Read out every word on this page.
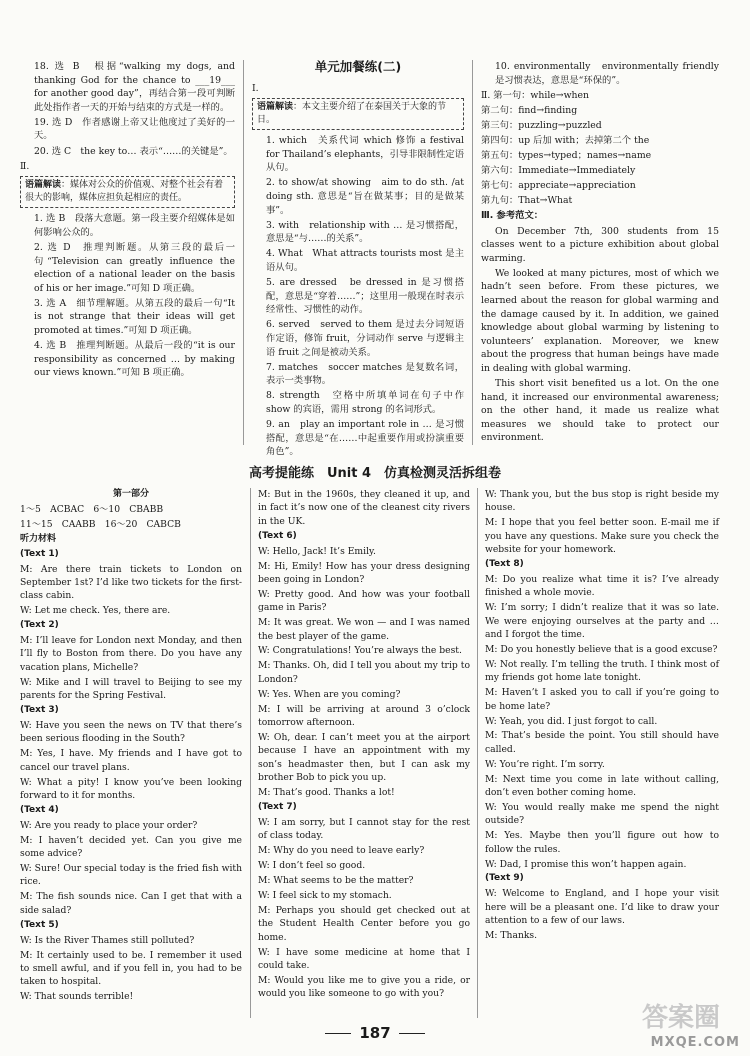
18. 选 B　根据“walking my dogs, and thanking God for the chance to ___19___ for another good day”，再结合第一段可判断此处指作者一天的开始与结束的方式是一样的。

19. 选 D　作者感谢上帝又让他度过了美好的一天。

20. 选 C　the key to… 表示“……的关键是”。

Ⅱ.

语篇解读：媒体对公众的价值观、对整个社会有着很大的影响，媒体应担负起相应的责任。

1. 选 B　段落大意题。第一段主要介绍媒体是如何影响公众的。

2. 选 D　推理判断题。从第三段的最后一句“Television can greatly influence the election of a national leader on the basis of his or her image.”可知 D 项正确。

3. 选 A　细节理解题。从第五段的最后一句“It is not strange that their ideas will get promoted at times.”可知 D 项正确。

4. 选 B　推理判断题。从最后一段的“it is our responsibility as concerned … by making our views known.”可知 B 项正确。

单元加餐练(二)

Ⅰ.

语篇解读：本文主要介绍了在泰国关于大象的节日。

1. which　关系代词 which 修饰 a festival for Thailand’s elephants，引导非限制性定语从句。

2. to show/at showing　aim to do sth. /at doing sth. 意思是“旨在做某事；目的是做某事”。

3. with　relationship with … 是习惯搭配，意思是“与……的关系”。

4. What　What attracts tourists most 是主语从句。

5. are dressed　be dressed in 是习惯搭配，意思是“穿着……”；这里用一般现在时表示经常性、习惯性的动作。

6. served　served to them 是过去分词短语作定语，修饰 fruit，分词动作 serve 与逻辑主语 fruit 之间是被动关系。

7. matches　soccer matches 是复数名词，表示一类事物。

8. strength　空格中所填单词在句子中作 show 的宾语，需用 strong 的名词形式。

9. an　play an important role in … 是习惯搭配，意思是“在……中起重要作用或扮演重要角色”。

10. environmentally　environmentally friendly 是习惯表达，意思是“环保的”。

Ⅱ. 第一句：while→when

第二句：find→finding

第三句：puzzling→puzzled

第四句：up 后加 with；去掉第二个 the

第五句：types→typed；names→name

第六句：Immediate→Immediately

第七句：appreciate→appreciation

第九句：That→What

Ⅲ. 参考范文：

On December 7th, 300 students from 15 classes went to a picture exhibition about global warming.

We looked at many pictures, most of which we hadn’t seen before. From these pictures, we learned about the reason for global warming and the damage caused by it. In addition, we gained knowledge about global warming by listening to volunteers’ explanation. Moreover, we knew about the progress that human beings have made in dealing with global warming.

This short visit benefited us a lot. On the one hand, it increased our environmental awareness; on the other hand, it made us realize what measures we should take to protect our environment.

高考提能练　Unit 4　仿真检测灵活拆组卷

第一部分

1～5　ACBAC　6～10　CBABB

11～15　CAABB　16～20　CABCB

听力材料

(Text 1)

M: Are there train tickets to London on September 1st? I’d like two tickets for the first-class cabin.

W: Let me check. Yes, there are.

(Text 2)

M: I’ll leave for London next Monday, and then I’ll fly to Boston from there. Do you have any vacation plans, Michelle?

W: Mike and I will travel to Beijing to see my parents for the Spring Festival.

(Text 3)

W: Have you seen the news on TV that there’s been serious flooding in the South?

M: Yes, I have. My friends and I have got to cancel our travel plans.

W: What a pity! I know you’ve been looking forward to it for months.

(Text 4)

W: Are you ready to place your order?

M: I haven’t decided yet. Can you give me some advice?

W: Sure! Our special today is the fried fish with rice.

M: The fish sounds nice. Can I get that with a side salad?

(Text 5)

W: Is the River Thames still polluted?

M: It certainly used to be. I remember it used to smell awful, and if you fell in, you had to be taken to hospital.

W: That sounds terrible!

M: But in the 1960s, they cleaned it up, and in fact it’s now one of the cleanest city rivers in the UK.

(Text 6)

W: Hello, Jack! It’s Emily.

M: Hi, Emily! How has your dress designing been going in London?

W: Pretty good. And how was your football game in Paris?

M: It was great. We won — and I was named the best player of the game.

W: Congratulations! You’re always the best.

M: Thanks. Oh, did I tell you about my trip to London?

W: Yes. When are you coming?

M: I will be arriving at around 3 o’clock tomorrow afternoon.

W: Oh, dear. I can’t meet you at the airport because I have an appointment with my son’s headmaster then, but I can ask my brother Bob to pick you up.

M: That’s good. Thanks a lot!

(Text 7)

W: I am sorry, but I cannot stay for the rest of class today.

M: Why do you need to leave early?

W: I don’t feel so good.

M: What seems to be the matter?

W: I feel sick to my stomach.

M: Perhaps you should get checked out at the Student Health Center before you go home.

W: I have some medicine at home that I could take.

M: Would you like me to give you a ride, or would you like someone to go with you?

W: Thank you, but the bus stop is right beside my house.

M: I hope that you feel better soon. E-mail me if you have any questions. Make sure you check the website for your homework.

(Text 8)

M: Do you realize what time it is? I’ve already finished a whole movie.

W: I’m sorry; I didn’t realize that it was so late. We were enjoying ourselves at the party and … and I forgot the time.

M: Do you honestly believe that is a good excuse?

W: Not really. I’m telling the truth. I think most of my friends got home late tonight.

M: Haven’t I asked you to call if you’re going to be home late?

W: Yeah, you did. I just forgot to call.

M: That’s beside the point. You still should have called.

W: You’re right. I’m sorry.

M: Next time you come in late without calling, don’t even bother coming home.

W: You would really make me spend the night outside?

M: Yes. Maybe then you’ll figure out how to follow the rules.

W: Dad, I promise this won’t happen again.

(Text 9)

W: Welcome to England, and I hope your visit here will be a pleasant one. I’d like to draw your attention to a few of our laws.

M: Thanks.

187	答案圈
MXQE.COM
